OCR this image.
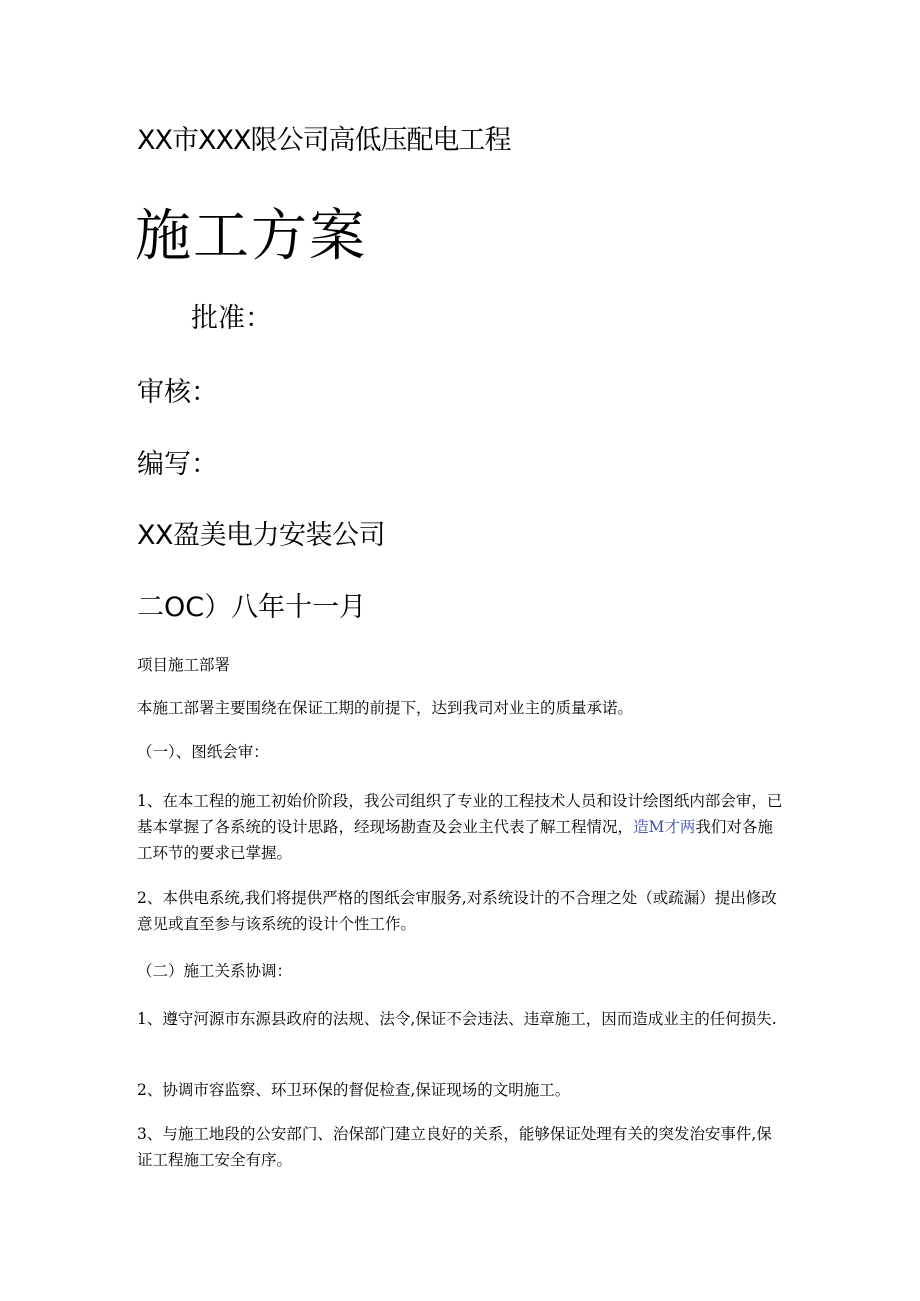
XX市XXX限公司高低压配电工程

施工方案

批准：

审核：

编写：

XX盈美电力安装公司

二OC）八年十一月

项目施工部署

本施工部署主要围绕在保证工期的前提下，达到我司对业主的质量承诺。

（一）、图纸会审：

1、在本工程的施工初始价阶段，我公司组织了专业的工程技术人员和设计绘图纸内部会审，已基本掌握了各系统的设计思路，经现场勘查及会业主代表了解工程情况，造M才两我们对各施工环节的要求已掌握。

2、本供电系统,我们将提供严格的图纸会审服务,对系统设计的不合理之处（或疏漏）提出修改意见或直至参与该系统的设计个性工作。

（二）施工关系协调：

1、遵守河源市东源县政府的法规、法令,保证不会违法、违章施工，因而造成业主的任何损失.

2、协调市容监察、环卫环保的督促检查,保证现场的文明施工。

3、与施工地段的公安部门、治保部门建立良好的关系，能够保证处理有关的突发治安事件,保证工程施工安全有序。
